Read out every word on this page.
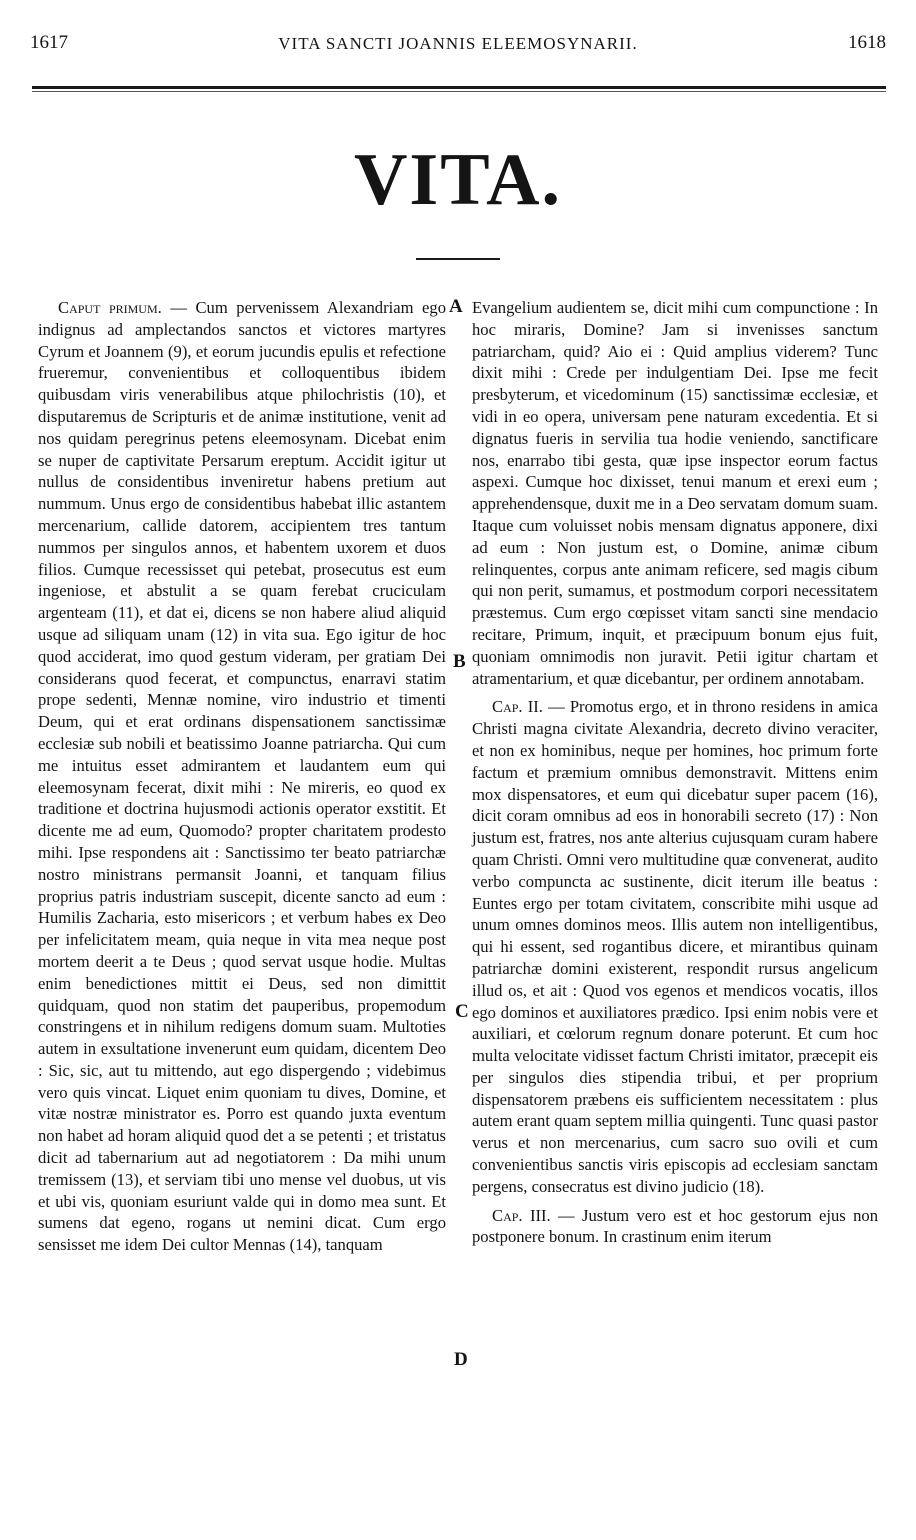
1617	VITA SANCTI JOANNIS ELEEMOSYNARII.	1618
VITA.

Caput primum. — Cum pervenissem Alexandriam ego indignus ad amplectandos sanctos et victores martyres Cyrum et Joannem (9), et eorum jucundis epulis et refectione frueremur, convenientibus et colloquentibus ibidem quibusdam viris venerabilibus atque philochristis (10), et disputaremus de Scripturis et de animæ institutione, venit ad nos quidam peregrinus petens eleemosynam. Dicebat enim se nuper de captivitate Persarum ereptum. Accidit igitur ut nullus de considentibus inveniretur habens pretium aut nummum. Unus ergo de considentibus habebat illic astantem mercenarium, callide datorem, accipientem tres tantum nummos per singulos annos, et habentem uxorem et duos filios. Cumque recessisset qui petebat, prosecutus est eum ingeniose, et abstulit a se quam ferebat cruciculam argenteam (11), et dat ei, dicens se non habere aliud aliquid usque ad siliquam unam (12) in vita sua. Ego igitur de hoc quod acciderat, imo quod gestum videram, per gratiam Dei considerans quod fecerat, et compunctus, enarravi statim prope sedenti, Mennæ nomine, viro industrio et timenti Deum, qui et erat ordinans dispensationem sanctissimæ ecclesiæ sub nobili et beatissimo Joanne patriarcha. Qui cum me intuitus esset admirantem et laudantem eum qui eleemosynam fecerat, dixit mihi : Ne mireris, eo quod ex traditione et doctrina hujusmodi actionis operator exstitit. Et dicente me ad eum, Quomodo? propter charitatem prodesto mihi. Ipse respondens ait : Sanctissimo ter beato patriarchæ nostro ministrans permansit Joanni, et tanquam filius proprius patris industriam suscepit, dicente sancto ad eum : Humilis Zacharia, esto misericors ; et verbum habes ex Deo per infelicitatem meam, quia neque in vita mea neque post mortem deerit a te Deus ; quod servat usque hodie. Multas enim benedictiones mittit ei Deus, sed non dimittit quidquam, quod non statim det pauperibus, propemodum constringens et in nihilum redigens domum suam. Multoties autem in exsultatione invenerunt eum quidam, dicentem Deo : Sic, sic, aut tu mittendo, aut ego dispergendo ; videbimus vero quis vincat. Liquet enim quoniam tu dives, Domine, et vitæ nostræ ministrator es. Porro est quando juxta eventum non habet ad horam aliquid quod det a se petenti ; et tristatus dicit ad tabernarium aut ad negotiatorem : Da mihi unum tremissem (13), et serviam tibi uno mense vel duobus, ut vis et ubi vis, quoniam esuriunt valde qui in domo mea sunt. Et sumens dat egeno, rogans ut nemini dicat. Cum ergo sensisset me idem Dei cultor Mennas (14), tanquam

Evangelium audientem se, dicit mihi cum compunctione : In hoc miraris, Domine? Jam si invenisses sanctum patriarcham, quid? Aio ei : Quid amplius viderem? Tunc dixit mihi : Crede per indulgentiam Dei. Ipse me fecit presbyterum, et vicedominum (15) sanctissimæ ecclesiæ, et vidi in eo opera, universam pene naturam excedentia. Et si dignatus fueris in servilia tua hodie veniendo, sanctificare nos, enarrabo tibi gesta, quæ ipse inspector eorum factus aspexi. Cumque hoc dixisset, tenui manum et erexi eum ; apprehendensque, duxit me in a Deo servatam domum suam. Itaque cum voluisset nobis mensam dignatus apponere, dixi ad eum : Non justum est, o Domine, animæ cibum relinquentes, corpus ante animam reficere, sed magis cibum qui non perit, sumamus, et postmodum corpori necessitatem præstemus. Cum ergo cœpisset vitam sancti sine mendacio recitare, Primum, inquit, et præcipuum bonum ejus fuit, quoniam omnimodis non juravit. Petii igitur chartam et atramentarium, et quæ dicebantur, per ordinem annotabam.

Cap. II. — Promotus ergo, et in throno residens in amica Christi magna civitate Alexandria, decreto divino veraciter, et non ex hominibus, neque per homines, hoc primum forte factum et præmium omnibus demonstravit. Mittens enim mox dispensatores, et eum qui dicebatur super pacem (16), dicit coram omnibus ad eos in honorabili secreto (17) : Non justum est, fratres, nos ante alterius cujusquam curam habere quam Christi. Omni vero multitudine quæ convenerat, audito verbo compuncta ac sustinente, dicit iterum ille beatus : Euntes ergo per totam civitatem, conscribite mihi usque ad unum omnes dominos meos. Illis autem non intelligentibus, qui hi essent, sed rogantibus dicere, et mirantibus quinam patriarchæ domini existerent, respondit rursus angelicum illud os, et ait : Quod vos egenos et mendicos vocatis, illos ego dominos et auxiliatores prædico. Ipsi enim nobis vere et auxiliari, et cœlorum regnum donare poterunt. Et cum hoc multa velocitate vidisset factum Christi imitator, præcepit eis per singulos dies stipendia tribui, et per proprium dispensatorem præbens eis sufficientem necessitatem : plus autem erant quam septem millia quingenti. Tunc quasi pastor verus et non mercenarius, cum sacro suo ovili et cum convenientibus sanctis viris episcopis ad ecclesiam sanctam pergens, consecratus est divino judicio (18).

Cap. III. — Justum vero est et hoc gestorum ejus non postponere bonum. In crastinum enim iterum

A
B
C
D
